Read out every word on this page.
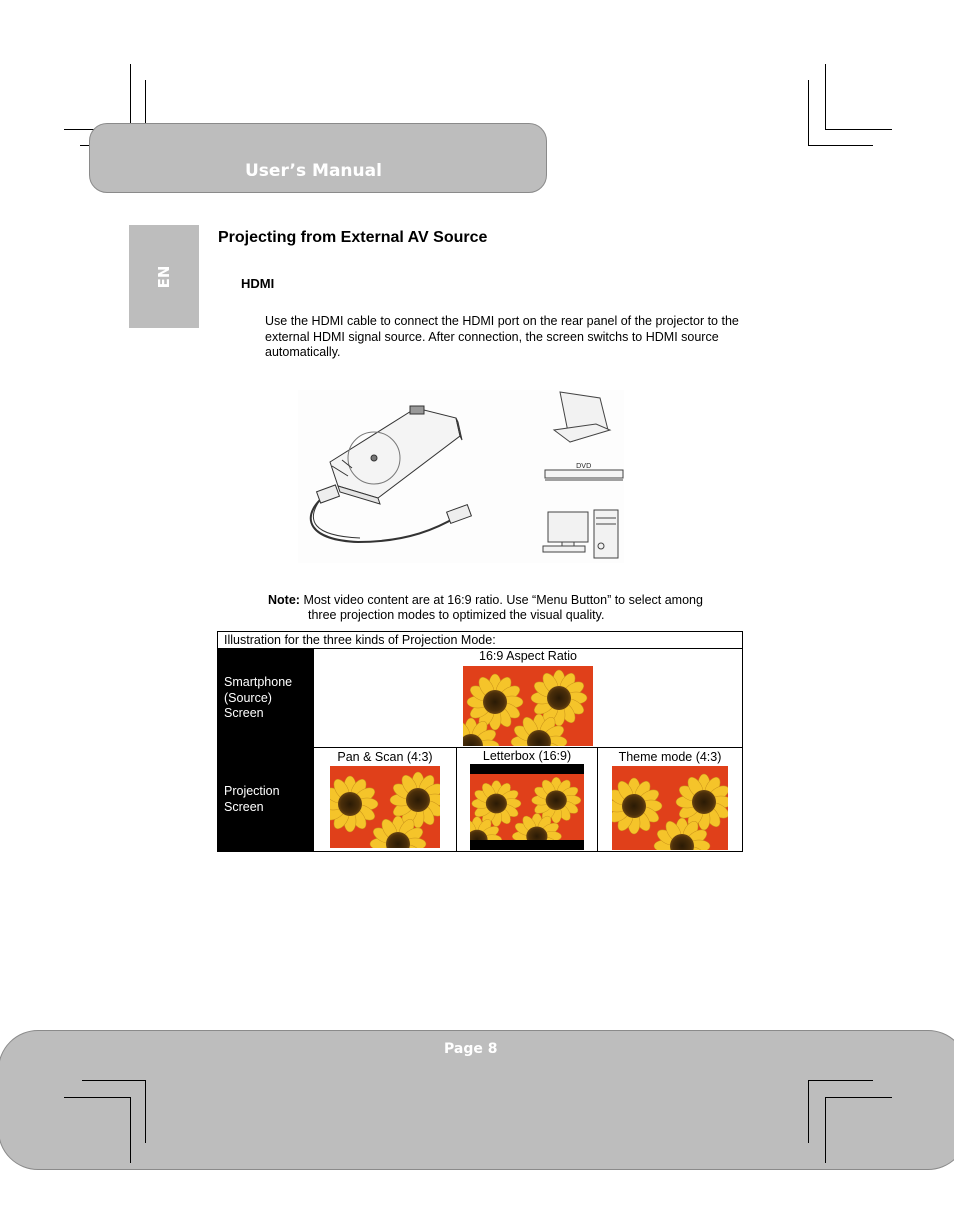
User’s Manual
EN
Projecting from External AV Source
HDMI
Use the HDMI cable to connect the HDMI port on the rear panel of the projector to the external HDMI signal source. After connection, the screen switchs to HDMI source automatically.
DVD
Note: Most video content are at 16:9 ratio. Use “Menu Button” to select among
three projection modes to optimized the visual quality.
Illustration for the three kinds of Projection Mode:			

Smartphone
(Source)
Screen	16:9 Aspect Ratio		

Projection
Screen	Pan & Scan (4:3)	Letterbox (16:9)	Theme mode (4:3)
Page 8
